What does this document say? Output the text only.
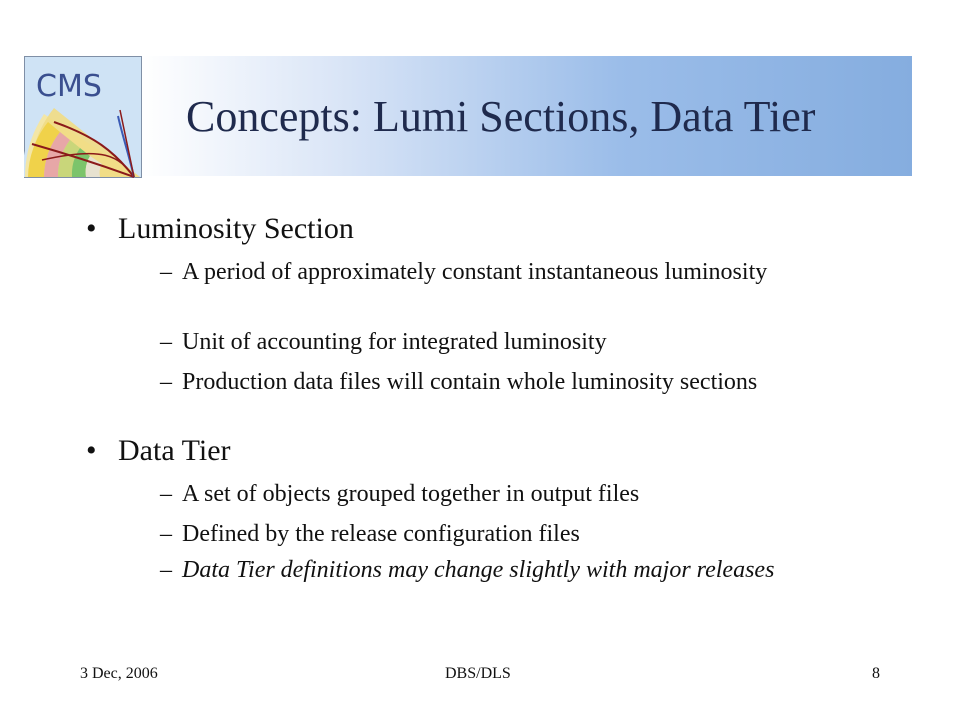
CMS
Concepts: Lumi Sections, Data Tier
• Luminosity Section
– A period of approximately constant instantaneous luminosity
– Unit of accounting for integrated luminosity
– Production data files will contain whole luminosity sections
• Data Tier
– A set of objects grouped together in output files
– Defined by the release configuration files
– Data Tier definitions may change slightly with major releases
3 Dec, 2006	DBS/DLS	8
